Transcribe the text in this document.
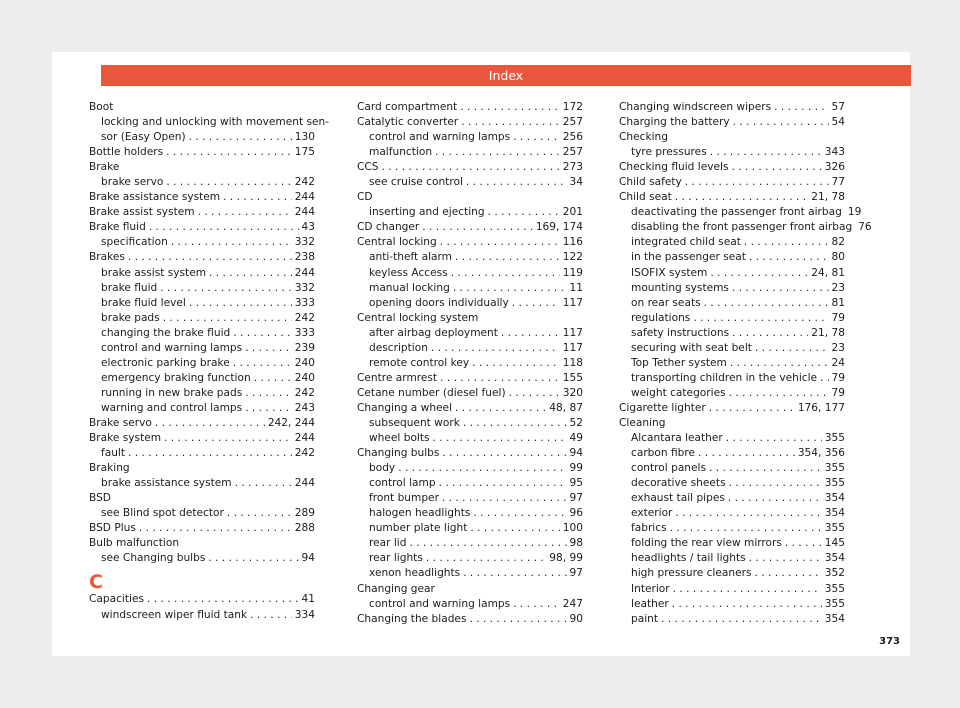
Index
Boot
locking and unlocking with movement sen-
sor (Easy Open) . . .	130
Bottle holders . . .	175
Brake
brake servo . . .	242
Brake assistance system . . .	244
Brake assist system . . .	244
Brake fluid . . .	43
specification . . .	332
Brakes . . .	238
brake assist system . . .	244
brake fluid . . .	332
brake fluid level . . .	333
brake pads . . .	242
changing the brake fluid . . .	333
control and warning lamps . . .	239
electronic parking brake . . .	240
emergency braking function . . .	240
running in new brake pads . . .	242
warning and control lamps . . .	243
Brake servo . . .	242, 244
Brake system . . .	244
fault . . .	242
Braking
brake assistance system . . .	244
BSD
see Blind spot detector . . .	289
BSD Plus . . .	288
Bulb malfunction
see Changing bulbs . . .	94
C
Capacities . . .	41
windscreen wiper fluid tank . . .	334
Card compartment . . .	172
Catalytic converter . . .	257
control and warning lamps . . .	256
malfunction . . .	257
CCS . . .	273
see cruise control . . .	34
CD
inserting and ejecting . . .	201
CD changer . . .	169, 174
Central locking . . .	116
anti-theft alarm . . .	122
keyless Access . . .	119
manual locking . . .	11
opening doors individually . . .	117
Central locking system
after airbag deployment . . .	117
description . . .	117
remote control key . . .	118
Centre armrest . . .	155
Cetane number (diesel fuel) . . .	320
Changing a wheel . . .	48, 87
subsequent work . . .	52
wheel bolts . . .	49
Changing bulbs . . .	94
body . . .	99
control lamp . . .	95
front bumper . . .	97
halogen headlights . . .	96
number plate light . . .	100
rear lid . . .	98
rear lights . . .	98, 99
xenon headlights . . .	97
Changing gear
control and warning lamps . . .	247
Changing the blades . . .	90
Changing windscreen wipers . . .	57
Charging the battery . . .	54
Checking
tyre pressures . . .	343
Checking fluid levels . . .	326
Child safety . . .	77
Child seat . . .	21, 78
deactivating the passenger front airbag 19
disabling the front passenger front airbag 76
integrated child seat . . .	82
in the passenger seat . . .	80
ISOFIX system . . .	24, 81
mounting systems . . .	23
on rear seats . . .	81
regulations . . .	79
safety instructions . . .	21, 78
securing with seat belt . . .	23
Top Tether system . . .	24
transporting children in the vehicle . . . 79
weight categories . . .	79
Cigarette lighter . . .	176, 177
Cleaning
Alcantara leather . . .	355
carbon fibre . . .	354, 356
control panels . . .	355
decorative sheets . . .	355
exhaust tail pipes . . .	354
exterior . . .	354
fabrics . . .	355
folding the rear view mirrors . . .	145
headlights / tail lights . . .	354
high pressure cleaners . . .	352
Interior . . .	355
leather . . .	355
paint . . .	354
373
